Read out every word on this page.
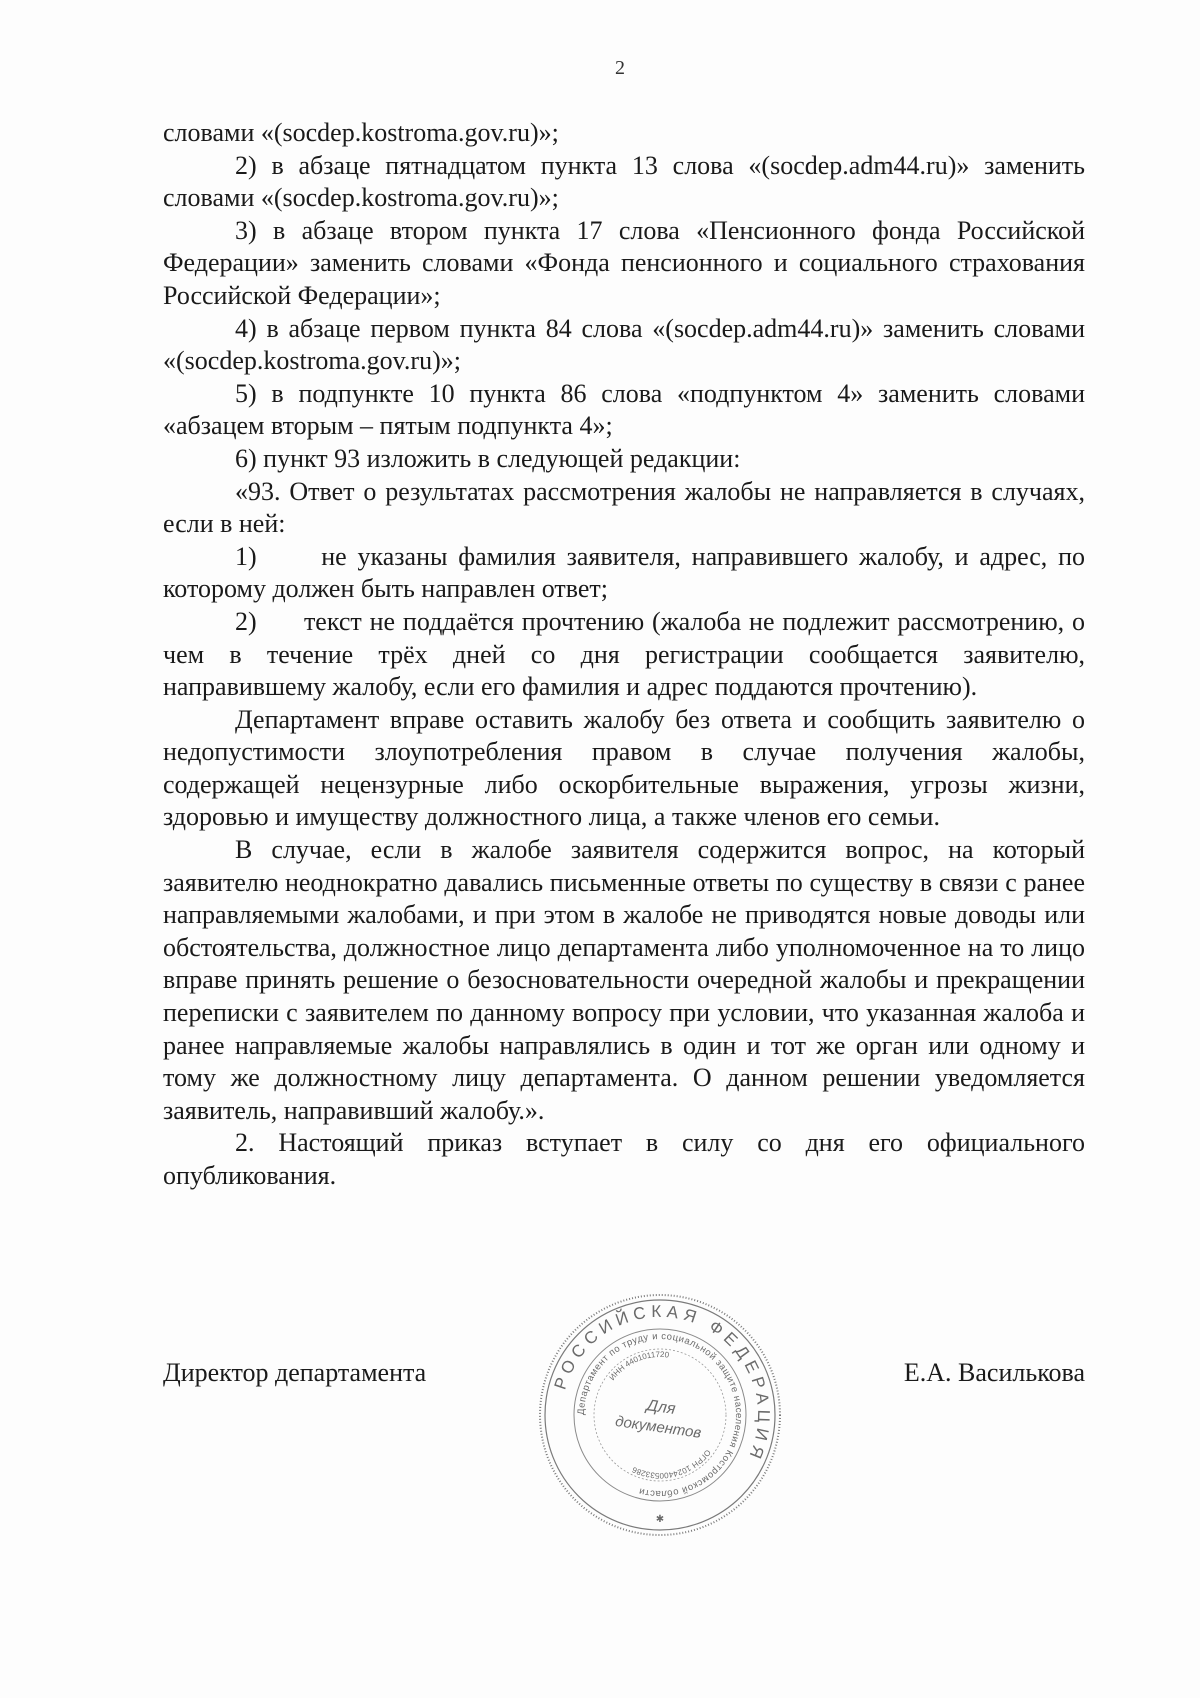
2

словами «(socdep.kostroma.gov.ru)»;

2) в абзаце пятнадцатом пункта 13 слова «(socdep.adm44.ru)» заменить словами «(socdep.kostroma.gov.ru)»;

3) в абзаце втором пункта 17 слова «Пенсионного фонда Российской Федерации» заменить словами «Фонда пенсионного и социального страхования Российской Федерации»;

4) в абзаце первом пункта 84 слова «(socdep.adm44.ru)» заменить словами «(socdep.kostroma.gov.ru)»;

5) в подпункте 10 пункта 86 слова «подпунктом 4» заменить словами «абзацем вторым – пятым подпункта 4»;

6) пункт 93 изложить в следующей редакции:

«93. Ответ о результатах рассмотрения жалобы не направляется в случаях, если в ней:

1) не указаны фамилия заявителя, направившего жалобу, и адрес, по которому должен быть направлен ответ;

2) текст не поддаётся прочтению (жалоба не подлежит рассмотрению, о чем в течение трёх дней со дня регистрации сообщается заявителю, направившему жалобу, если его фамилия и адрес поддаются прочтению).

Департамент вправе оставить жалобу без ответа и сообщить заявителю о недопустимости злоупотребления правом в случае получения жалобы, содержащей нецензурные либо оскорбительные выражения, угрозы жизни, здоровью и имуществу должностного лица, а также членов его семьи.

В случае, если в жалобе заявителя содержится вопрос, на который заявителю неоднократно давались письменные ответы по существу в связи с ранее направляемыми жалобами, и при этом в жалобе не приводятся новые доводы или обстоятельства, должностное лицо департамента либо уполномоченное на то лицо вправе принять решение о безосновательности очередной жалобы и прекращении переписки с заявителем по данному вопросу при условии, что указанная жалоба и ранее направляемые жалобы направлялись в один и тот же орган или одному и тому же должностному лицу департамента. О данном решении уведомляется заявитель, направивший жалобу.».

2. Настоящий приказ вступает в силу со дня его официального опубликования.

РОССИЙСКАЯ ФЕДЕРАЦИЯ
Департамент по труду и социальной защите населения Костромской области
ИНН 4401011720
ОГРН 1024400533286
Для
документов
✱
Директор департамента	Е.А. Василькова
